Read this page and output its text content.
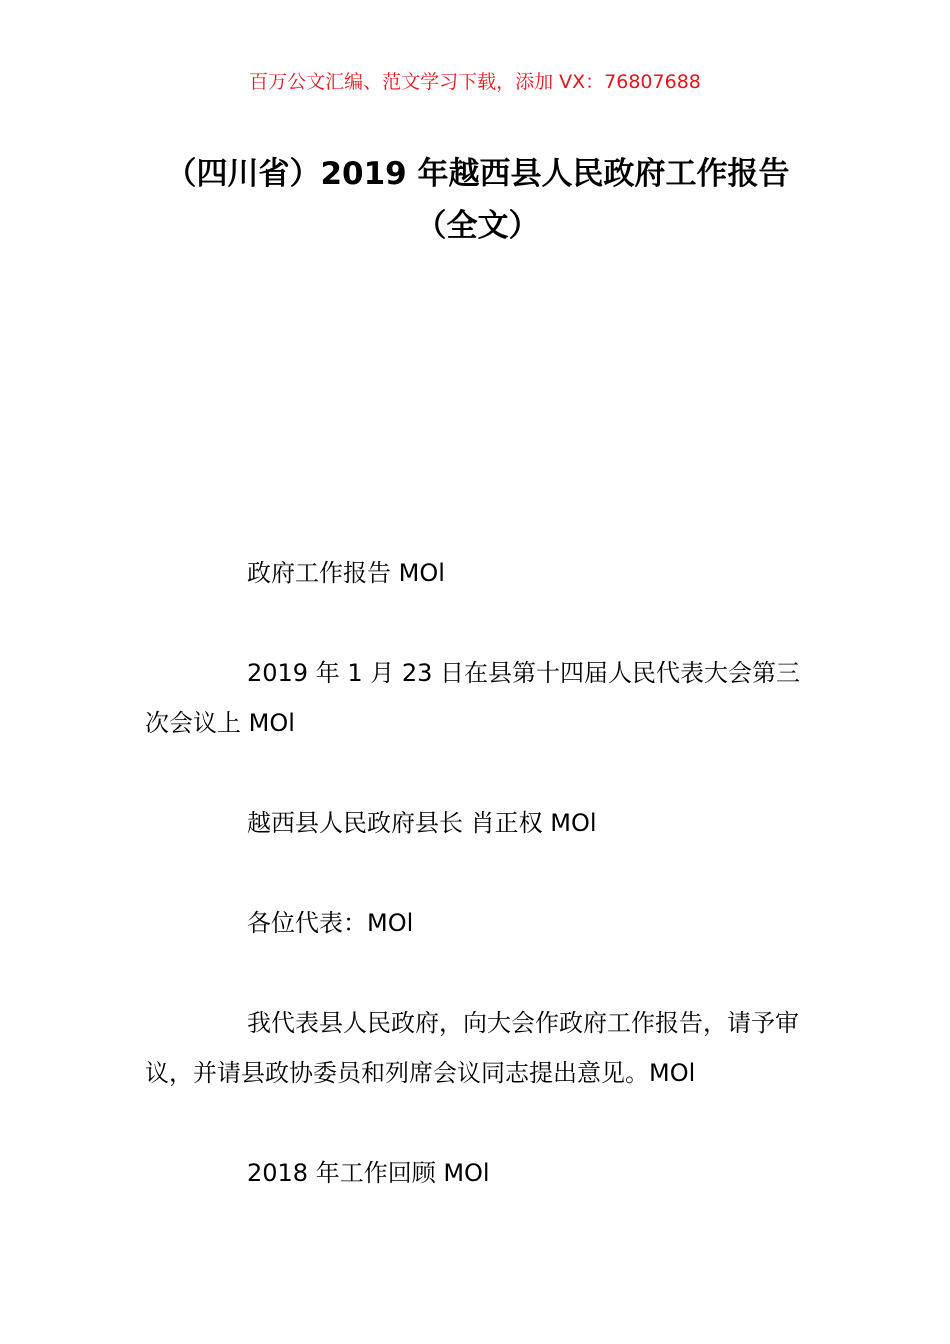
百万公文汇编、范文学习下载，添加 VX：76807688
（四川省）2019 年越西县人民政府工作报告（全文）

政府工作报告 MOl

2019 年 1 月 23 日在县第十四届人民代表大会第三次会议上 MOl

越西县人民政府县长 肖正权 MOl

各位代表：MOl

我代表县人民政府，向大会作政府工作报告，请予审议，并请县政协委员和列席会议同志提出意见。MOl

2018 年工作回顾 MOl
